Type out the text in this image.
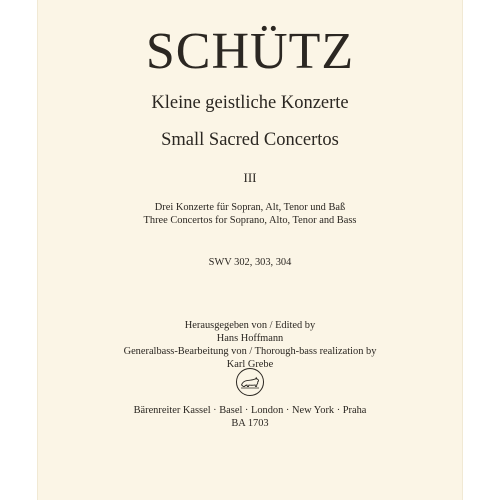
SCHÜTZ
Kleine geistliche Konzerte
Small Sacred Concertos
III
Drei Konzerte für Sopran, Alt, Tenor und Baß
Three Concertos for Soprano, Alto, Tenor and Bass
SWV 302, 303, 304
Herausgegeben von / Edited by
Hans Hoffmann
Generalbass-Bearbeitung von / Thorough-bass realization by
Karl Grebe
Bärenreiter Kassel · Basel · London · New York · Praha
BA 1703
